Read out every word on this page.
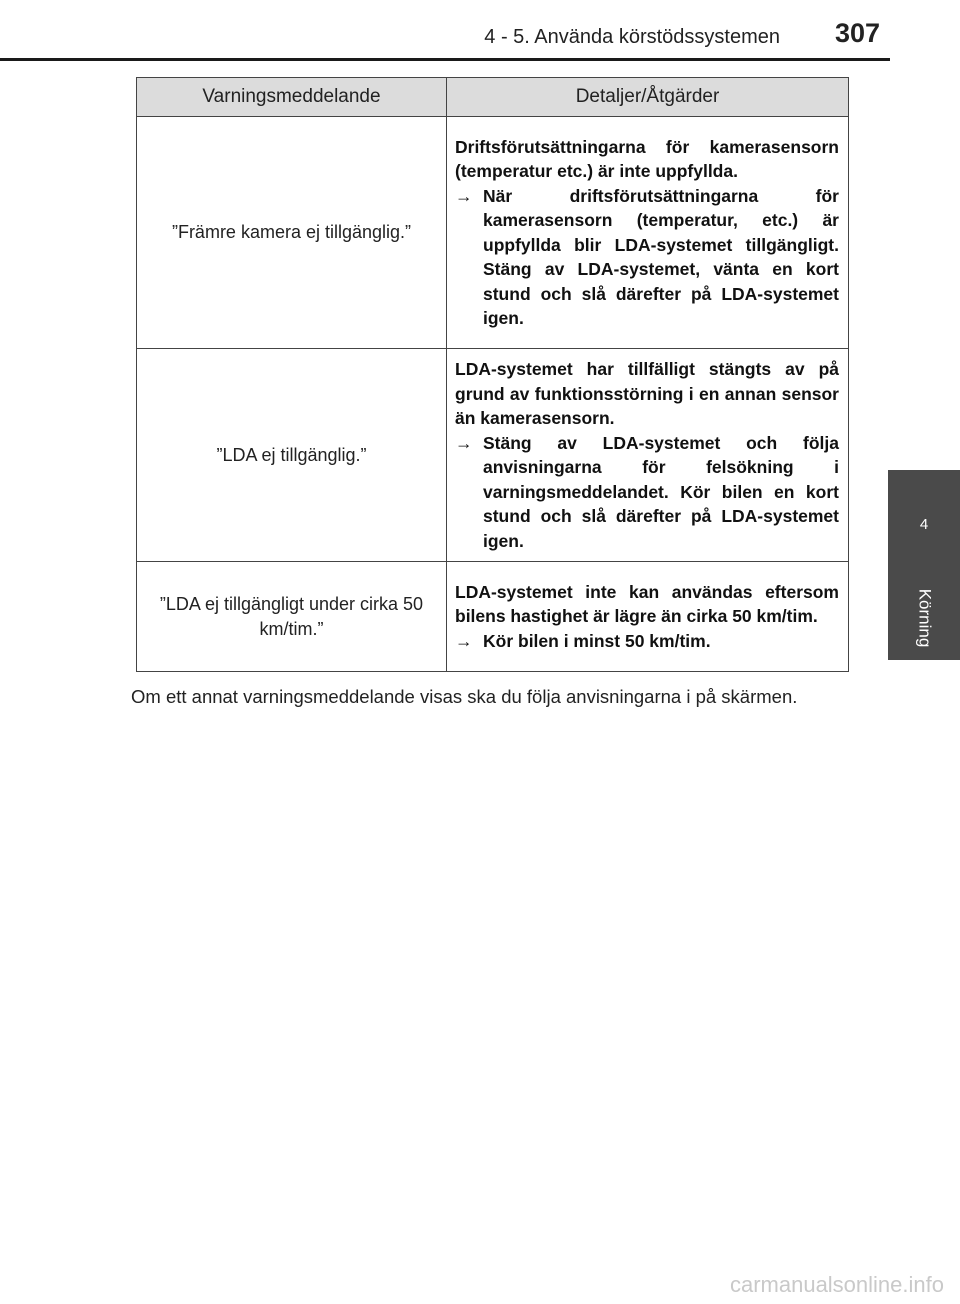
4 - 5. Använda körstödssystemen 307
4
Körning
Varningsmeddelande	Detaljer/Åtgärder
”Främre kamera ej tillgänglig.”	Driftsförutsättningarna för kamerasensorn (temperatur etc.) är inte uppfyllda.
→ När driftsförutsättningarna för kamerasensorn (temperatur, etc.) är uppfyllda blir LDA-systemet tillgängligt. Stäng av LDA-systemet, vänta en kort stund och slå därefter på LDA-systemet igen.

”LDA ej tillgänglig.”	LDA-systemet har tillfälligt stängts av på grund av funktionsstörning i en annan sensor än kamerasensorn.
→ Stäng av LDA-systemet och följa anvisningarna för felsökning i varningsmeddelandet. Kör bilen en kort stund och slå därefter på LDA-systemet igen.

”LDA ej tillgängligt under cirka 50 km/tim.”	LDA-systemet inte kan användas eftersom bilens hastighet är lägre än cirka 50 km/tim.
→ Kör bilen i minst 50 km/tim.
Om ett annat varningsmeddelande visas ska du följa anvisningarna i på skärmen.
carmanualsonline.info
